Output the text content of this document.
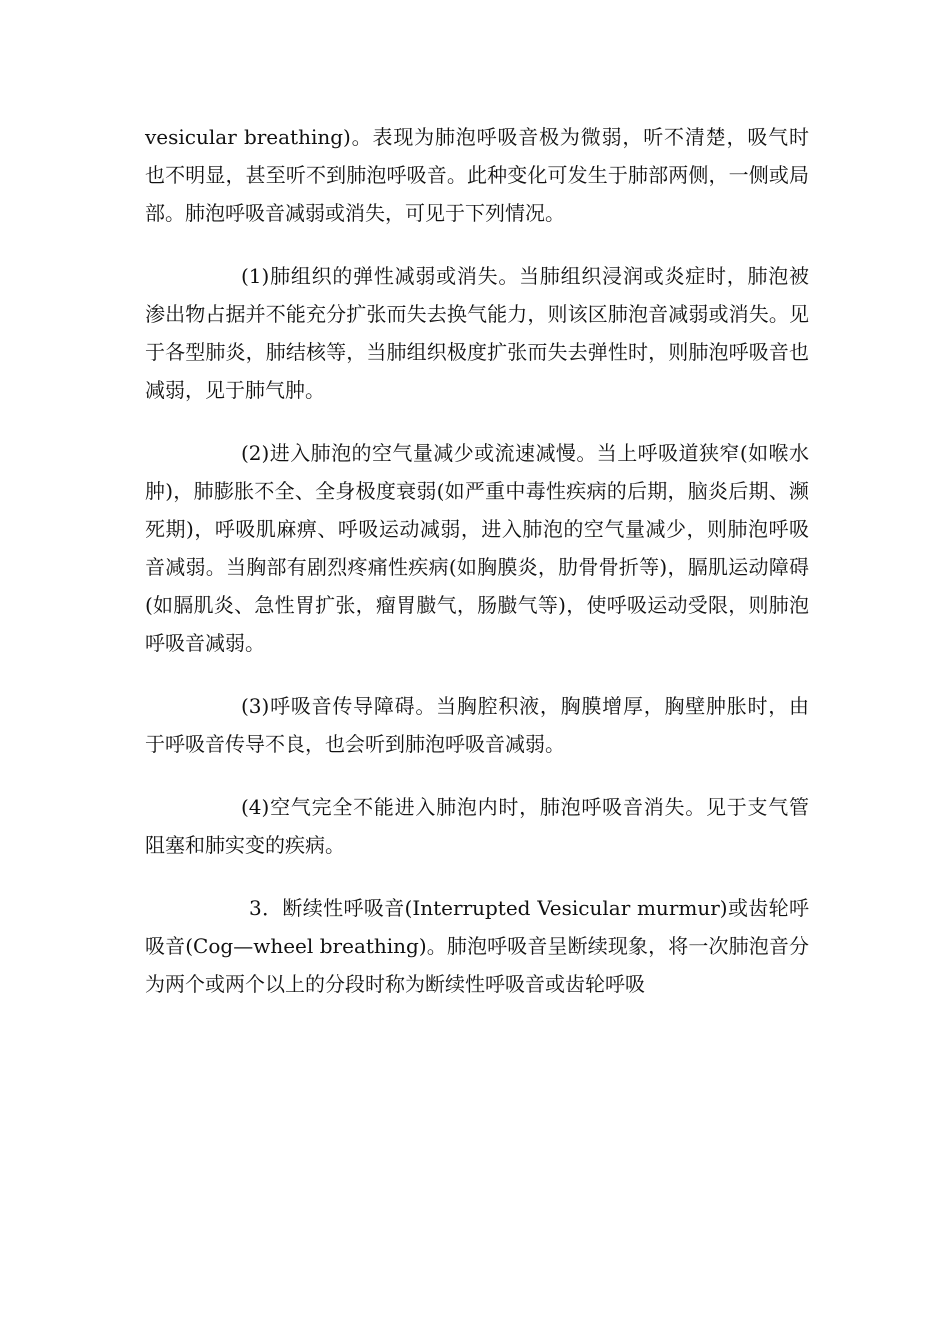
vesicular breathing)。表现为肺泡呼吸音极为微弱，听不清楚，吸气时也不明显，甚至听不到肺泡呼吸音。此种变化可发生于肺部两侧，一侧或局部。肺泡呼吸音减弱或消失，可见于下列情况。

(1)肺组织的弹性减弱或消失。当肺组织浸润或炎症时，肺泡被渗出物占据并不能充分扩张而失去换气能力，则该区肺泡音减弱或消失。见于各型肺炎，肺结核等，当肺组织极度扩张而失去弹性时，则肺泡呼吸音也减弱，见于肺气肿。

(2)进入肺泡的空气量减少或流速减慢。当上呼吸道狭窄(如喉水肿)，肺膨胀不全、全身极度衰弱(如严重中毒性疾病的后期，脑炎后期、濒死期)，呼吸肌麻痹、呼吸运动减弱，进入肺泡的空气量减少，则肺泡呼吸音减弱。当胸部有剧烈疼痛性疾病(如胸膜炎，肋骨骨折等)，膈肌运动障碍(如膈肌炎、急性胃扩张，瘤胃臌气，肠臌气等)，使呼吸运动受限，则肺泡呼吸音减弱。

(3)呼吸音传导障碍。当胸腔积液，胸膜增厚，胸壁肿胀时，由于呼吸音传导不良，也会听到肺泡呼吸音减弱。

(4)空气完全不能进入肺泡内时，肺泡呼吸音消失。见于支气管阻塞和肺实变的疾病。

3．断续性呼吸音(Interrupted Vesicular murmur)或齿轮呼吸音(Cog—wheel breathing)。肺泡呼吸音呈断续现象，将一次肺泡音分为两个或两个以上的分段时称为断续性呼吸音或齿轮呼吸
